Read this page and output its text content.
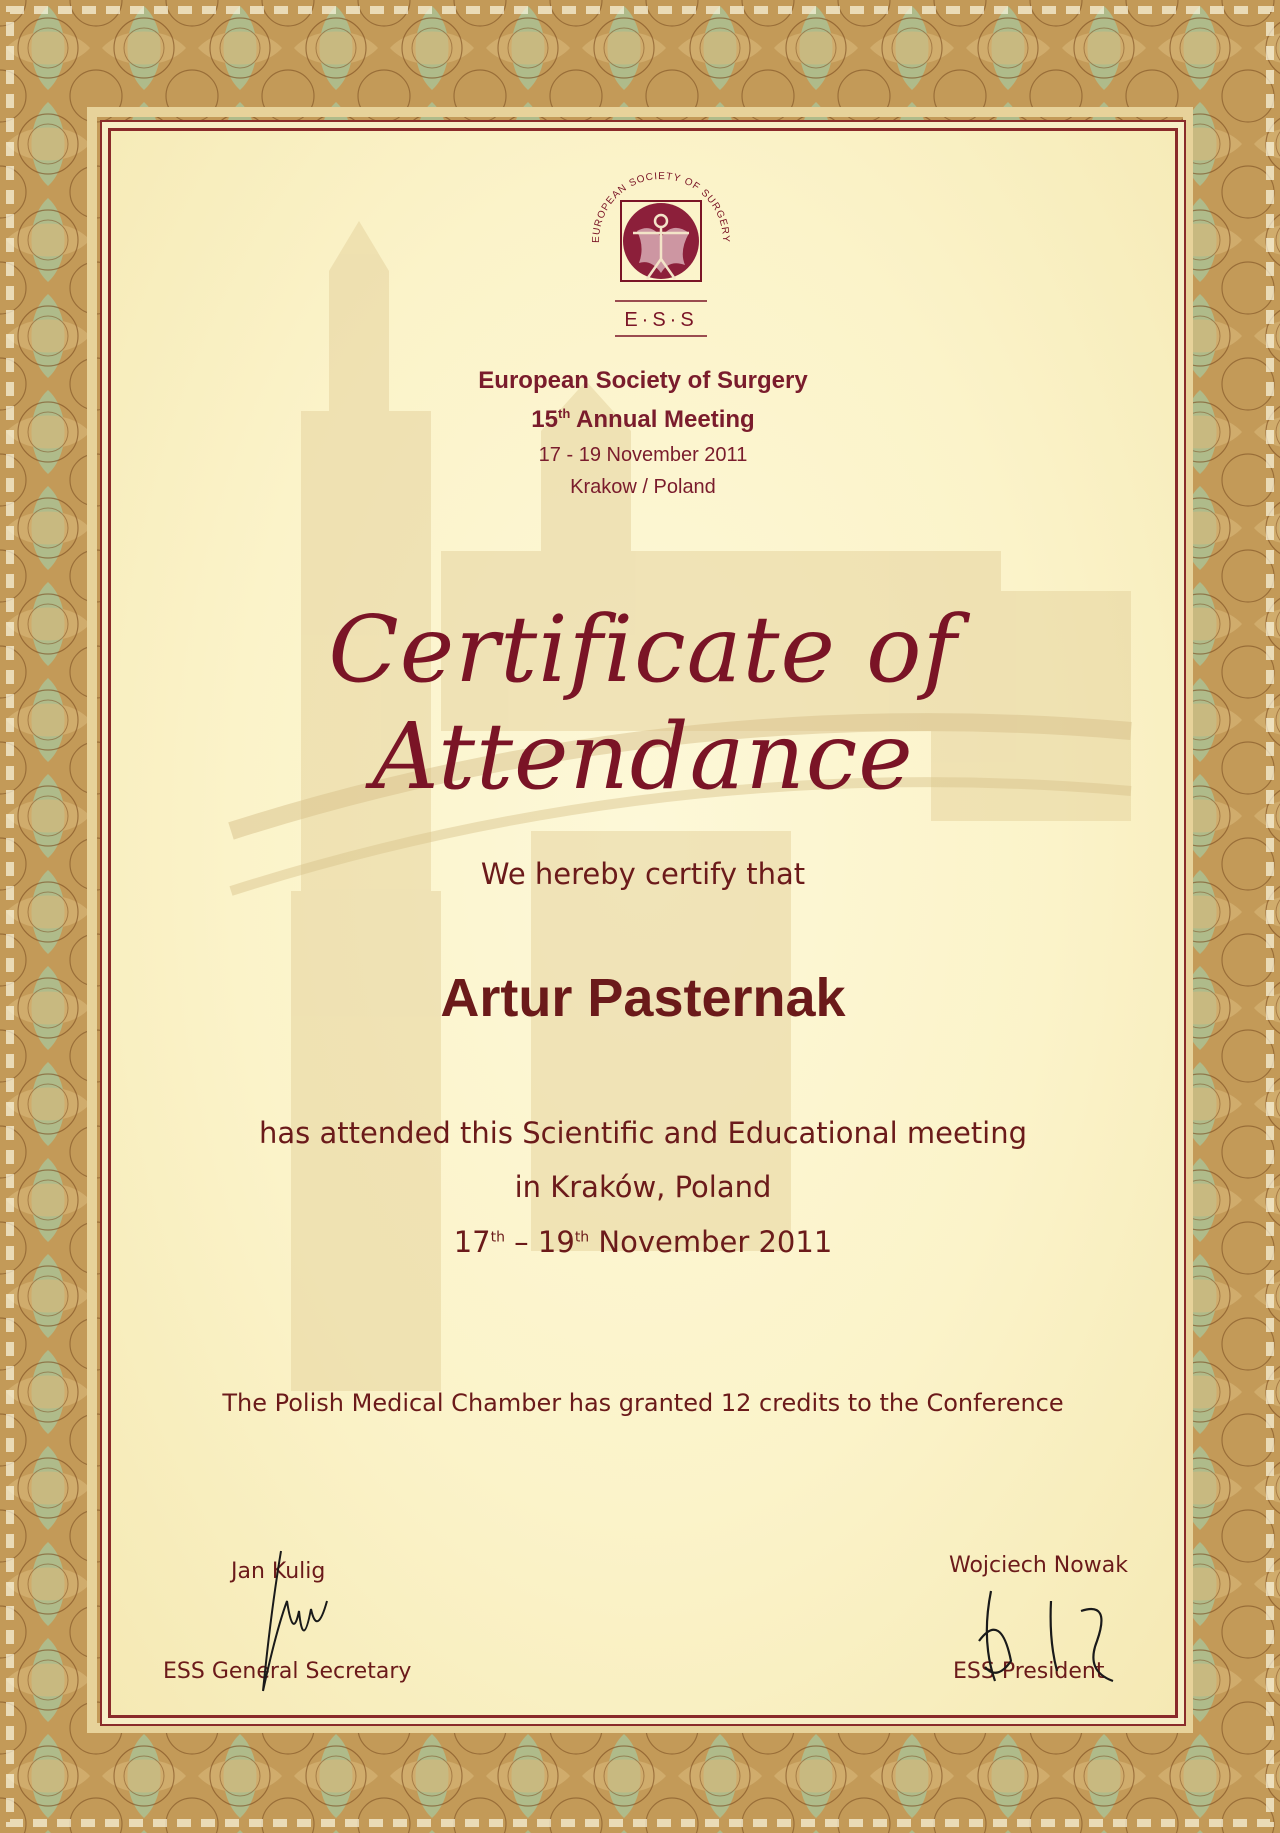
EUROPEAN SOCIETY OF SURGERY
E·S·S
European Society of Surgery
15th Annual Meeting
17 - 19 November 2011
Krakow / Poland
Certificate of Attendance
We hereby certify that
Artur Pasternak
has attended this Scientific and Educational meeting
in Kraków, Poland
17th – 19th November 2011
The Polish Medical Chamber has granted 12 credits to the Conference
Jan Kulig
ESS General Secretary
Wojciech Nowak
ESS President
